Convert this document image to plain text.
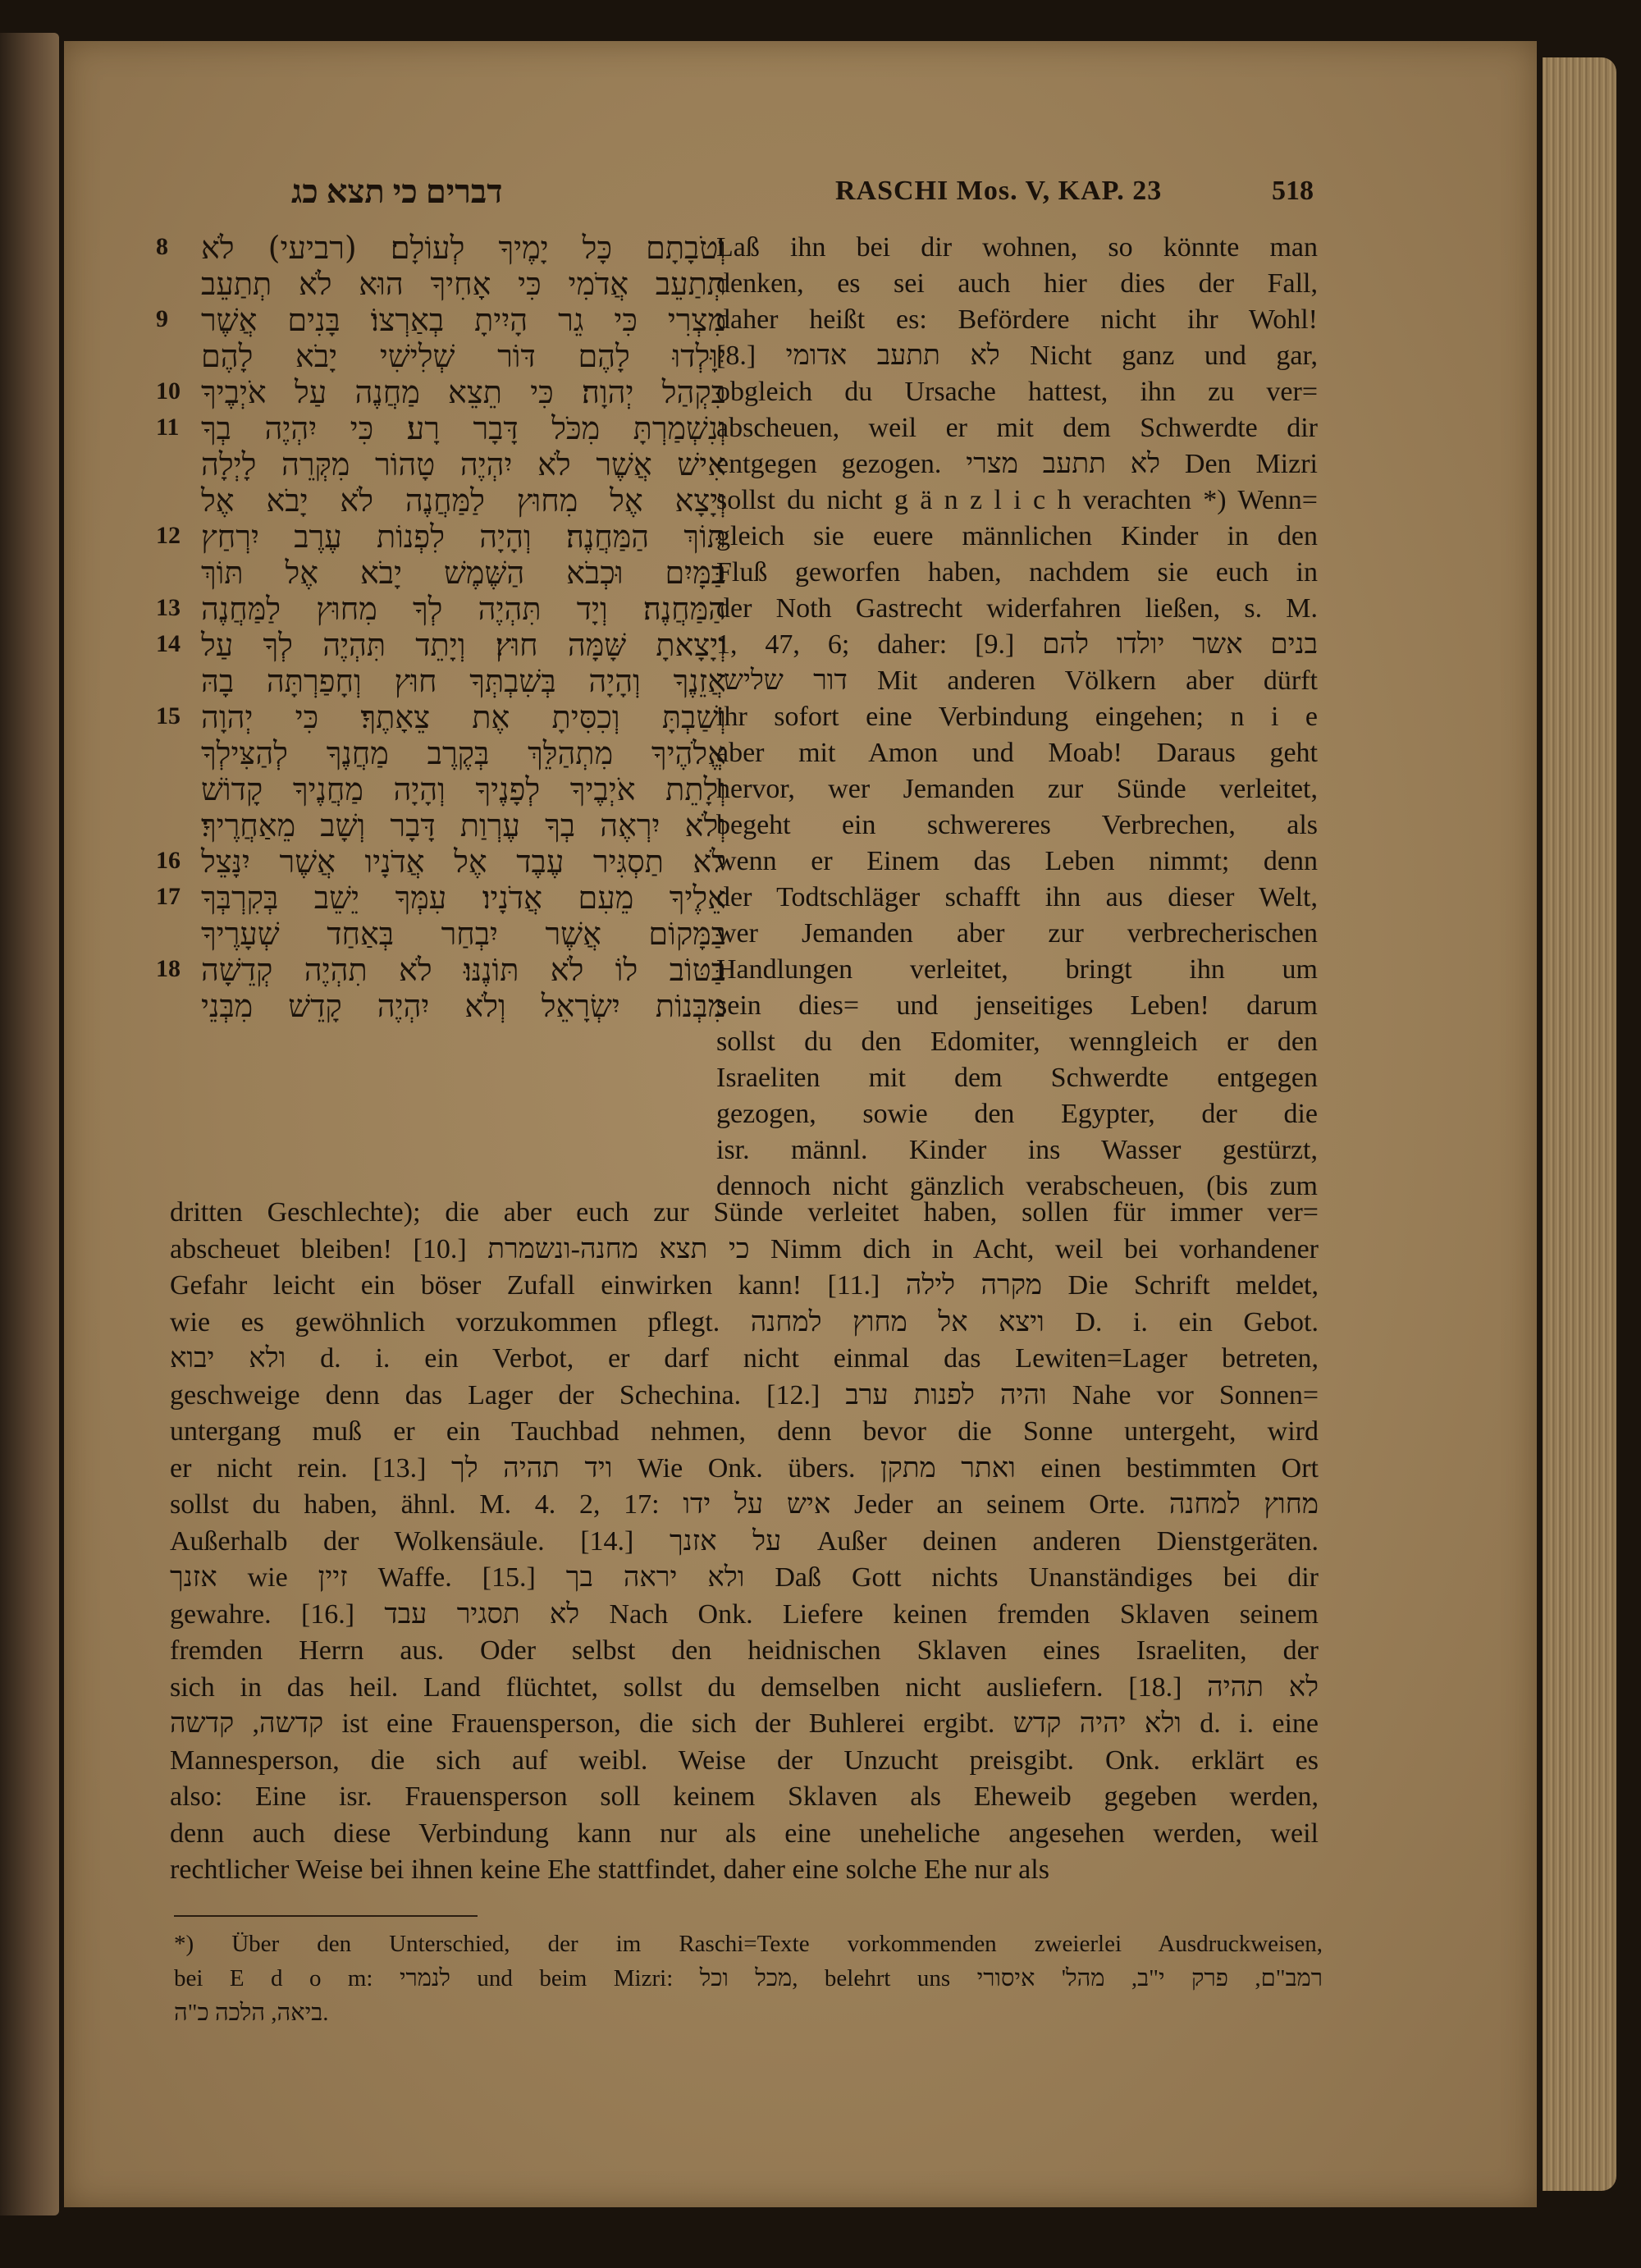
דברים כי תצא כג	RASCHI Mos. V, KAP. 23	518
8 וְטֹבָתָם כָּל יָמֶיךָ לְעוֹלָם׃ (רביעי) לֹא
תְתַעֵב אֲדֹמִי כִּי אָחִיךָ הוּא לֹא תְתַעֵב
9 מִצְרִי כִּי גֵר הָיִיתָ בְאַרְצוֹ׃ בָּנִים אֲשֶׁר
יִוָּלְדוּ לָהֶם דּוֹר שְׁלִישִׁי יָבֹא לָהֶם
10 בִּקְהַל יְהוָה׃ כִּי תֵצֵא מַחֲנֶה עַל אֹיְבֶיךָ
11 וְנִשְׁמַרְתָּ מִכֹּל דָּבָר רָע׃ כִּי יִהְיֶה בְךָ
אִישׁ אֲשֶׁר לֹא יִהְיֶה טָהוֹר מִקְּרֵה לָיְלָה
וְיָצָא אֶל מִחוּץ לַמַּחֲנֶה לֹא יָבֹא אֶל
12 תּוֹךְ הַמַּחֲנֶה׃ וְהָיָה לִפְנוֹת עֶרֶב יִרְחַץ
בַּמָּיִם וּכְבֹא הַשֶּׁמֶשׁ יָבֹא אֶל תּוֹךְ
13 הַמַּחֲנֶה׃ וְיָד תִּהְיֶה לְךָ מִחוּץ לַמַּחֲנֶה
14 וְיָצָאתָ שָּׁמָּה חוּץ׃ וְיָתֵד תִּהְיֶה לְךָ עַל
אֲזֵנֶךָ וְהָיָה בְּשִׁבְתְּךָ חוּץ וְחָפַרְתָּה בָהּ
15 וְשַׁבְתָּ וְכִסִּיתָ אֶת צֵאָתֶךָ׃ כִּי יְהוָה
אֱלֹהֶיךָ מִתְהַלֵּךְ בְּקֶרֶב מַחֲנֶךָ לְהַצִּילְךָ
וְלָתֵת אֹיְבֶיךָ לְפָנֶיךָ וְהָיָה מַחֲנֶיךָ קָדוֹשׁ
וְלֹא יִרְאֶה בְךָ עֶרְוַת דָּבָר וְשָׁב מֵאַחֲרֶיךָ׃
16 לֹא תַסְגִּיר עֶבֶד אֶל אֲדֹנָיו אֲשֶׁר יִנָּצֵל
17 אֵלֶיךָ מֵעִם אֲדֹנָיו׃ עִמְּךָ יֵשֵׁב בְּקִרְבְּךָ
בַּמָּקוֹם אֲשֶׁר יִבְחַר בְּאַחַד שְׁעָרֶיךָ
18 בַּטּוֹב לוֹ לֹא תּוֹנֶנּוּ׃ לֹא תִהְיֶה קְדֵשָׁה
מִבְּנוֹת יִשְׂרָאֵל וְלֹא יִהְיֶה קָדֵשׁ מִבְּנֵי
Laß ihn bei dir wohnen, so könnte man
denken, es sei auch hier dies der Fall,
daher heißt es: Befördere nicht ihr Wohl!
[8.] לא תתעב אדומי Nicht ganz und gar,
obgleich du Ursache hattest, ihn zu ver=
abscheuen, weil er mit dem Schwerdte dir
entgegen gezogen. לא תתעב מצרי Den Mizri
sollst du nicht g ä n z l i c h verachten *) Wenn=
gleich sie euere männlichen Kinder in den
Fluß geworfen haben, nachdem sie euch in
der Noth Gastrecht widerfahren ließen, s. M.
1, 47, 6; daher: [9.] בנים אשר יולדו להם
דור שלישי Mit anderen Völkern aber dürft
ihr sofort eine Verbindung eingehen; n i e
aber mit Amon und Moab! Daraus geht
hervor, wer Jemanden zur Sünde verleitet,
begeht ein schwereres Verbrechen, als
wenn er Einem das Leben nimmt; denn
der Todtschläger schafft ihn aus dieser Welt,
wer Jemanden aber zur verbrecherischen
Handlungen verleitet, bringt ihn um
sein dies= und jenseitiges Leben! darum
sollst du den Edomiter, wenngleich er den
Israeliten mit dem Schwerdte entgegen
gezogen, sowie den Egypter, der die
isr. männl. Kinder ins Wasser gestürzt,
dennoch nicht gänzlich verabscheuen, (bis zum
dritten Geschlechte); die aber euch zur Sünde verleitet haben, sollen für immer ver=
abscheuet bleiben! [10.] כי תצא מחנה-ונשמרת Nimm dich in Acht, weil bei vorhandener
Gefahr leicht ein böser Zufall einwirken kann! [11.] מקרה לילה Die Schrift meldet,
wie es gewöhnlich vorzukommen pflegt. ויצא אל מחוץ למחנה D. i. ein Gebot.
ולא יבוא d. i. ein Verbot, er darf nicht einmal das Lewiten=Lager betreten,
geschweige denn das Lager der Schechina. [12.] והיה לפנות ערב Nahe vor Sonnen=
untergang muß er ein Tauchbad nehmen, denn bevor die Sonne untergeht, wird
er nicht rein. [13.] ויד תהיה לך Wie Onk. übers. ואתר מתקן einen bestimmten Ort
sollst du haben, ähnl. M. 4. 2, 17: איש על ידו Jeder an seinem Orte. מחוץ למחנה
Außerhalb der Wolkensäule. [14.] על אזנך Außer deinen anderen Dienstgeräten.
אזנך wie זיין Waffe. [15.] ולא יראה בך Daß Gott nichts Unanständiges bei dir
gewahre. [16.] לא תסגיר עבד Nach Onk. Liefere keinen fremden Sklaven seinem
fremden Herrn aus. Oder selbst den heidnischen Sklaven eines Israeliten, der
sich in das heil. Land flüchtet, sollst du demselben nicht ausliefern. [18.] לא תהיה
קדשה, קדשה ist eine Frauensperson, die sich der Buhlerei ergibt. ולא יהיה קדש d. i. eine
Mannesperson, die sich auf weibl. Weise der Unzucht preisgibt. Onk. erklärt es
also: Eine isr. Frauensperson soll keinem Sklaven als Eheweib gegeben werden,
denn auch diese Verbindung kann nur als eine uneheliche angesehen werden, weil
rechtlicher Weise bei ihnen keine Ehe stattfindet, daher eine solche Ehe nur als
*) Über den Unterschied, der im Raschi=Texte vorkommenden zweierlei Ausdruckweisen,
bei E d o m: לנמרי und beim Mizri: מכל וכל, belehrt uns רמב"ם, פרק י"ב, מהל' איסורי
ביאה, הלכה כ"ה.
